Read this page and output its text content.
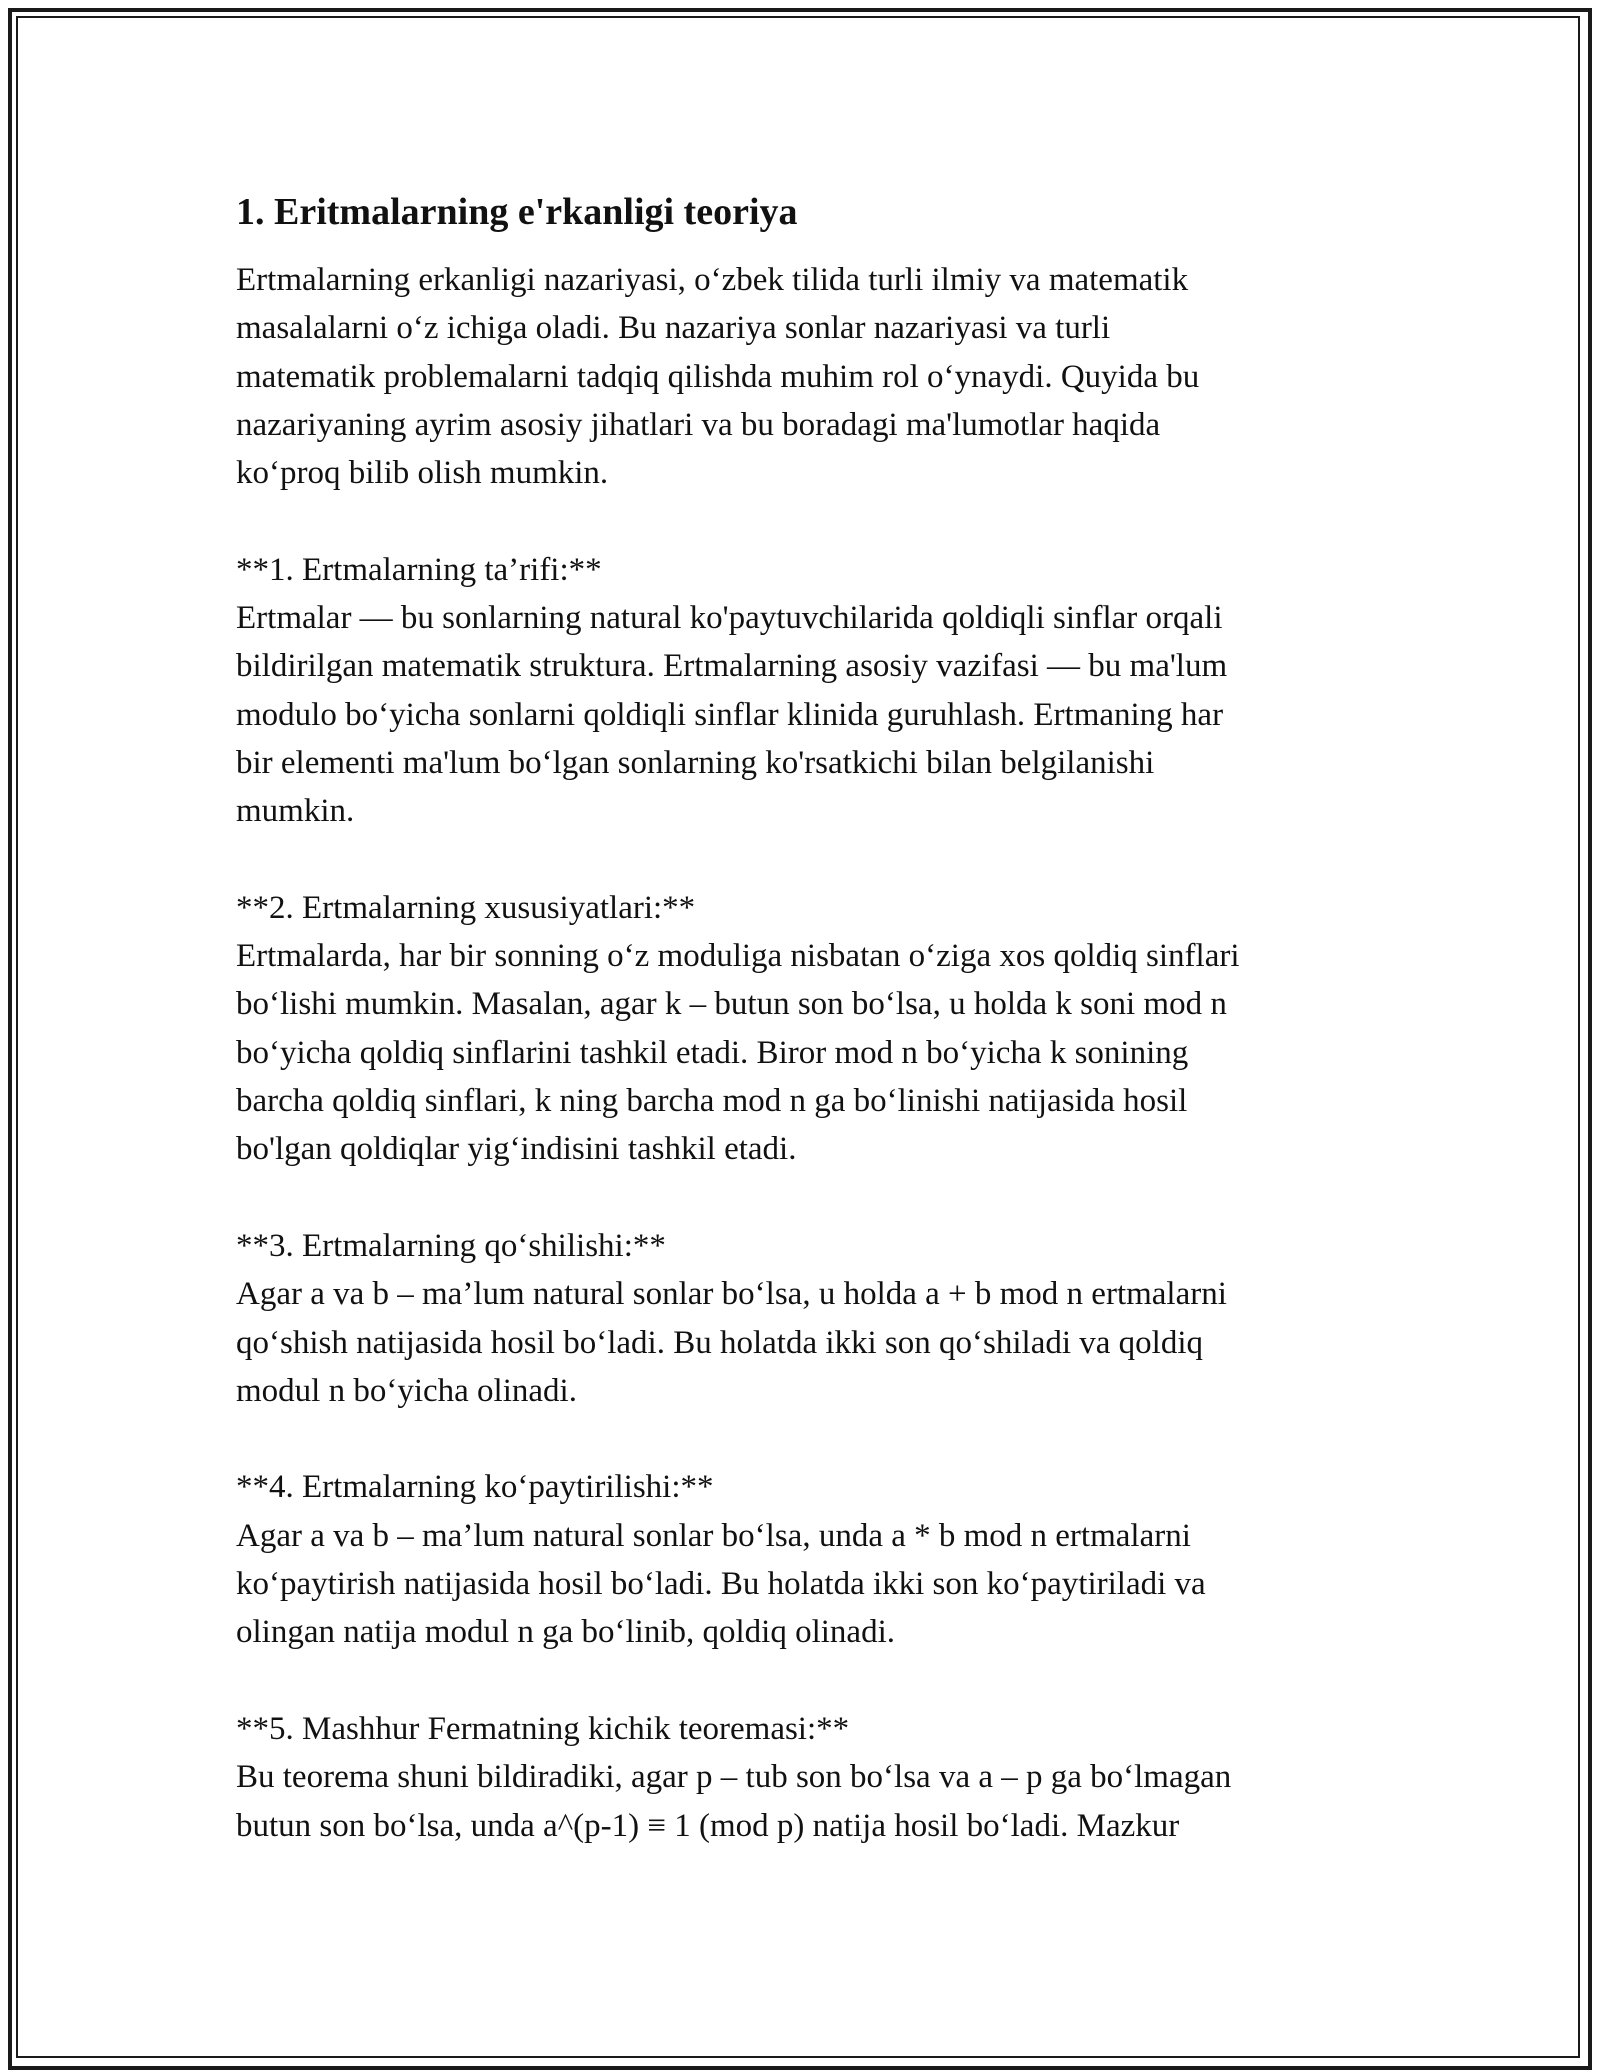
1. Eritmalarning e'rkanligi teoriya

Ertmalarning erkanligi nazariyasi, o‘zbek tilida turli ilmiy va matematik
masalalarni o‘z ichiga oladi. Bu nazariya sonlar nazariyasi va turli
matematik problemalarni tadqiq qilishda muhim rol o‘ynaydi. Quyida bu
nazariyaning ayrim asosiy jihatlari va bu boradagi ma'lumotlar haqida
ko‘proq bilib olish mumkin.

**1. Ertmalarning ta’rifi:**
Ertmalar — bu sonlarning natural ko'paytuvchilarida qoldiqli sinflar orqali
bildirilgan matematik struktura. Ertmalarning asosiy vazifasi — bu ma'lum
modulo bo‘yicha sonlarni qoldiqli sinflar klinida guruhlash. Ertmaning har
bir elementi ma'lum bo‘lgan sonlarning ko'rsatkichi bilan belgilanishi
mumkin.

**2. Ertmalarning xususiyatlari:**
Ertmalarda, har bir sonning o‘z moduliga nisbatan o‘ziga xos qoldiq sinflari
bo‘lishi mumkin. Masalan, agar k – butun son bo‘lsa, u holda k soni mod n
bo‘yicha qoldiq sinflarini tashkil etadi. Biror mod n bo‘yicha k sonining
barcha qoldiq sinflari, k ning barcha mod n ga bo‘linishi natijasida hosil
bo'lgan qoldiqlar yig‘indisini tashkil etadi.

**3. Ertmalarning qo‘shilishi:**
Agar a va b – ma’lum natural sonlar bo‘lsa, u holda a + b mod n ertmalarni
qo‘shish natijasida hosil bo‘ladi. Bu holatda ikki son qo‘shiladi va qoldiq
modul n bo‘yicha olinadi.

**4. Ertmalarning ko‘paytirilishi:**
Agar a va b – ma’lum natural sonlar bo‘lsa, unda a * b mod n ertmalarni
ko‘paytirish natijasida hosil bo‘ladi. Bu holatda ikki son ko‘paytiriladi va
olingan natija modul n ga bo‘linib, qoldiq olinadi.

**5. Mashhur Fermatning kichik teoremasi:**
Bu teorema shuni bildiradiki, agar p – tub son bo‘lsa va a – p ga bo‘lmagan
butun son bo‘lsa, unda a^(p-1) ≡ 1 (mod p) natija hosil bo‘ladi. Mazkur
